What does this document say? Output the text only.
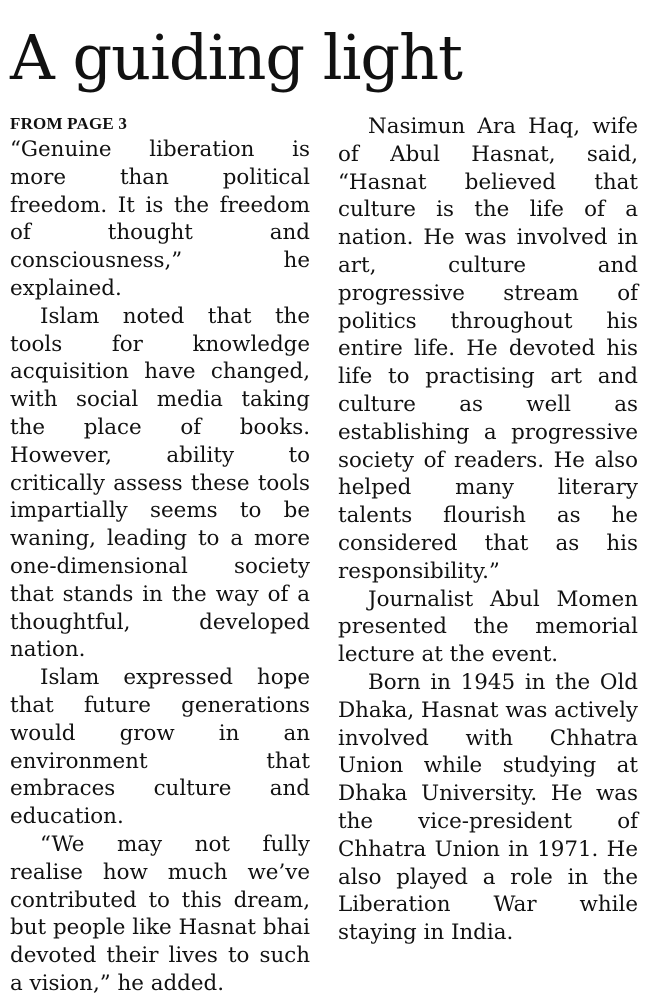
A guiding light
FROM PAGE 3

“Genuine liberation is more than political freedom. It is the freedom of thought and consciousness,” he explained.

Islam noted that the tools for knowledge acquisition have changed, with social media taking the place of books. However, ability to critically assess these tools impartially seems to be waning, leading to a more one-dimensional society that stands in the way of a thoughtful, developed nation.

Islam expressed hope that future generations would grow in an environment that embraces culture and education.

“We may not fully realise how much we’ve contributed to this dream, but people like Hasnat bhai devoted their lives to such a vision,” he added.

Nasimun Ara Haq, wife of Abul Hasnat, said, “Hasnat believed that culture is the life of a nation. He was involved in art, culture and progressive stream of politics throughout his entire life. He devoted his life to practising art and culture as well as establishing a progressive society of readers. He also helped many literary talents flourish as he considered that as his responsibility.”

Journalist Abul Momen presented the memorial lecture at the event.

Born in 1945 in the Old Dhaka, Hasnat was actively involved with Chhatra Union while studying at Dhaka University. He was the vice-president of Chhatra Union in 1971. He also played a role in the Liberation War while staying in India.
